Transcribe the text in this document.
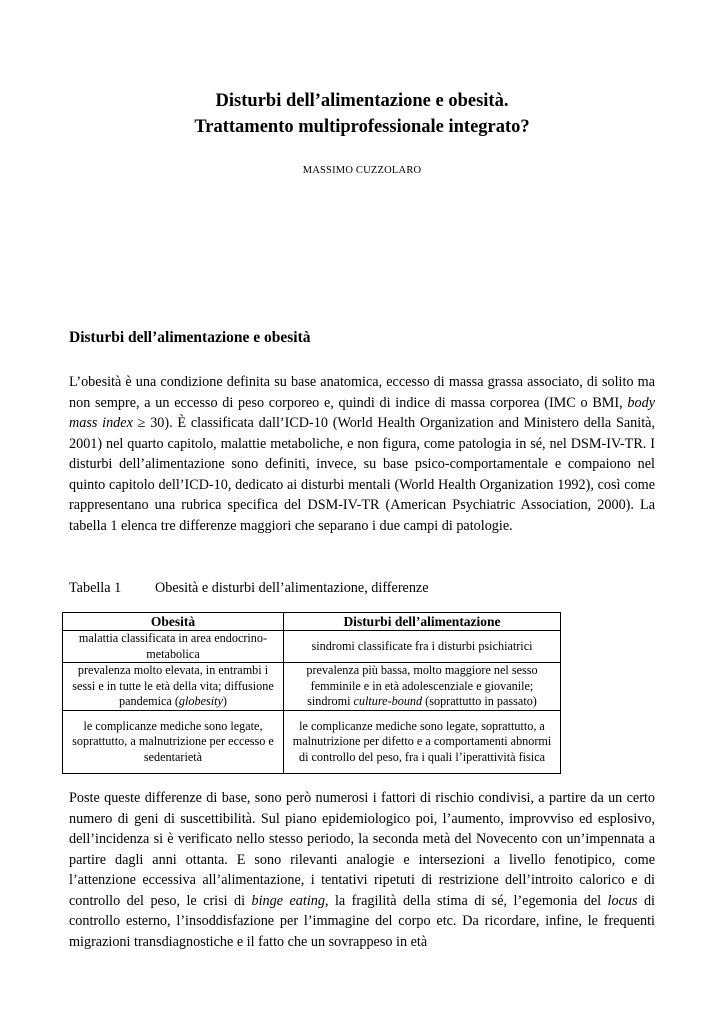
Disturbi dell’alimentazione e obesità.
Trattamento multiprofessionale integrato?
MASSIMO CUZZOLARO
Disturbi dell’alimentazione e obesità

L’obesità è una condizione definita su base anatomica, eccesso di massa grassa associato, di solito ma non sempre, a un eccesso di peso corporeo e, quindi di indice di massa corporea (IMC o BMI, body mass index ≥ 30). È classificata dall’ICD-10 (World Health Organization and Ministero della Sanità, 2001) nel quarto capitolo, malattie metaboliche, e non figura, come patologia in sé, nel DSM-IV-TR. I disturbi dell’alimentazione sono definiti, invece, su base psico-comportamentale e compaiono nel quinto capitolo dell’ICD-10, dedicato ai disturbi mentali (World Health Organization 1992), così come rappresentano una rubrica specifica del DSM-IV-TR (American Psychiatric Association, 2000). La tabella 1 elenca tre differenze maggiori che separano i due campi di patologie.

Tabella 1 Obesità e disturbi dell’alimentazione, differenze
Obesità	Disturbi dell’alimentazione
malattia classificata in area endocrino-metabolica	sindromi classificate fra i disturbi psichiatrici
prevalenza molto elevata, in entrambi i sessi e in tutte le età della vita; diffusione pandemica (globesity)	prevalenza più bassa, molto maggiore nel sesso femminile e in età adolescenziale e giovanile; sindromi culture-bound (soprattutto in passato)
le complicanze mediche sono legate, soprattutto, a malnutrizione per eccesso e sedentarietà	le complicanze mediche sono legate, soprattutto, a malnutrizione per difetto e a comportamenti abnormi di controllo del peso, fra i quali l’iperattività fisica

Poste queste differenze di base, sono però numerosi i fattori di rischio condivisi, a partire da un certo numero di geni di suscettibilità. Sul piano epidemiologico poi, l’aumento, improvviso ed esplosivo, dell’incidenza si è verificato nello stesso periodo, la seconda metà del Novecento con un’impennata a partire dagli anni ottanta. E sono rilevanti analogie e intersezioni a livello fenotipico, come l’attenzione eccessiva all’alimentazione, i tentativi ripetuti di restrizione dell’introito calorico e di controllo del peso, le crisi di binge eating, la fragilità della stima di sé, l’egemonia del locus di controllo esterno, l’insoddisfazione per l’immagine del corpo etc. Da ricordare, infine, le frequenti migrazioni transdiagnostiche e il fatto che un sovrappeso in età
